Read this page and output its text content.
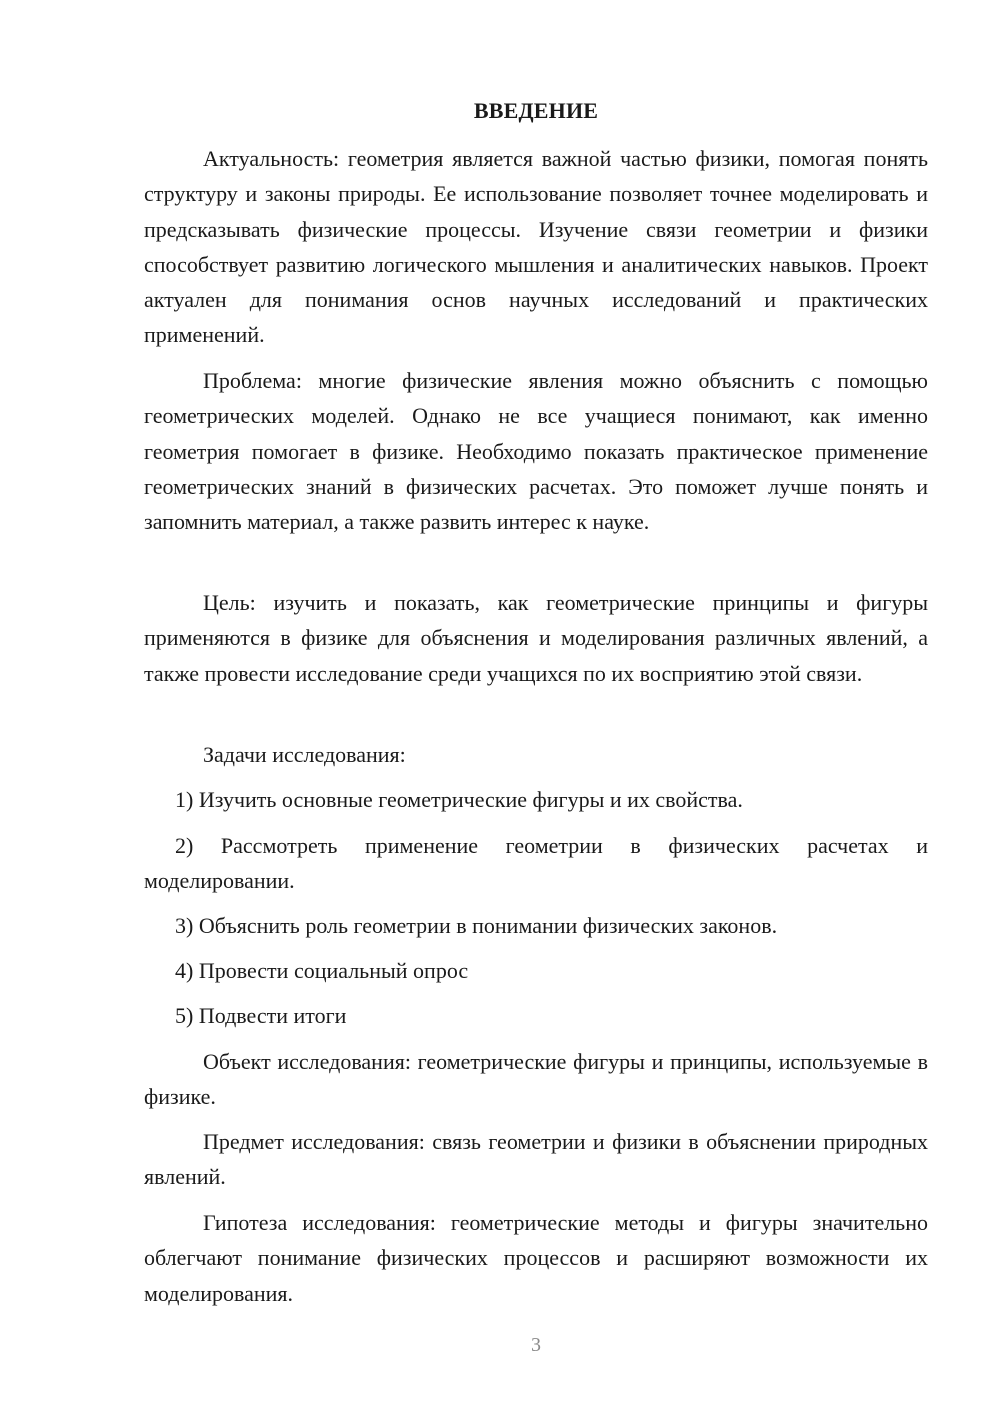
ВВЕДЕНИЕ

Актуальность: геометрия является важной частью физики, помогая понять структуру и законы природы. Ее использование позволяет точнее моделировать и предсказывать физические процессы. Изучение связи геометрии и физики способствует развитию логического мышления и аналитических навыков. Проект актуален для понимания основ научных исследований и практических применений.

Проблема: многие физические явления можно объяснить с помощью геометрических моделей. Однако не все учащиеся понимают, как именно геометрия помогает в физике. Необходимо показать практическое применение геометрических знаний в физических расчетах. Это поможет лучше понять и запомнить материал, а также развить интерес к науке.

Цель: изучить и показать, как геометрические принципы и фигуры применяются в физике для объяснения и моделирования различных явлений, а также провести исследование среди учащихся по их восприятию этой связи.

Задачи исследования:

1) Изучить основные геометрические фигуры и их свойства.

2) Рассмотреть применение геометрии в физических расчетах и моделировании.

3) Объяснить роль геометрии в понимании физических законов.

4) Провести социальный опрос

5) Подвести итоги

Объект исследования: геометрические фигуры и принципы, используемые в физике.

Предмет исследования: связь геометрии и физики в объяснении природных явлений.

Гипотеза исследования: геометрические методы и фигуры значительно облегчают понимание физических процессов и расширяют возможности их моделирования.

3
